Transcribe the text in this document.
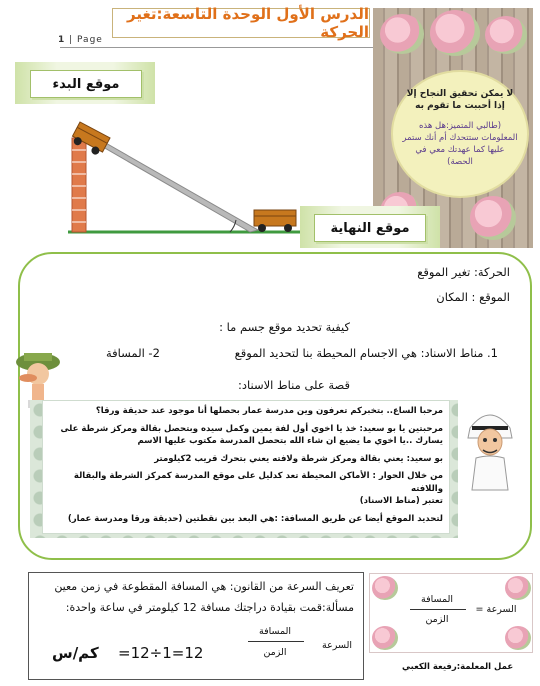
الدرس الأول الوحدة التاسعة:تغير الحركة
1 | Page
لا يمكن تحقيق النجاح إلا إذا أحببت ما تقوم به
(طالبي المتميز:هل هذه المعلومات ستتحدك أم أنك ستمر عليها كما عهدتك معي في الحصة)
موقع البدء
موقع النهاية
الحركة: تغير الموقع
الموقع : المكان
كيفية تحديد موقع جسم ما :
1. مناط الاسناد: هي الاجسام المحيطة بنا لتحديد الموقع
2- المسافة
قصة على مناط الاسناد:
مرحبا الساع.. بتخبركم تعرفون وين مدرسة عمار بحصلها أنا موجود عند حديقة ورقا؟
مرحبتين يا بو سعيد: خذ يا اخوي أول لفة يمين وكمل سيده وبتحصل بقالة ومركز شرطة على
يسارك ..يا اخوي ما يضيع ان شاء الله بتحصل المدرسة مكتوب عليها الاسم
بو سعيد: يعني بقالة ومركز شرطة ولافته يعني بتحرك قريب 2كيلومتر
من خلال الحوار : الأماكن المحيطة تعد كدليل على موقع المدرسة كمركز الشرطة والبقالة واللافته
تعتبر (مناط الاسناد)
لتحديد الموقع أيضا عن طريق المسافة: :هي البعد بين نقطتين (حديقة ورقا ومدرسة عمار)
تعريف السرعة من القانون: هي المسافة المقطوعة في زمن معين
مسألة:قمت بقيادة دراجتك مسافة 12 كيلومتر في ساعة واحدة:
السرعة
المسافة
الزمن
=12÷1=12
كم/س
السرعة =
المسافة
الزمن
عمل المعلمة:رفيعة الكعبي
